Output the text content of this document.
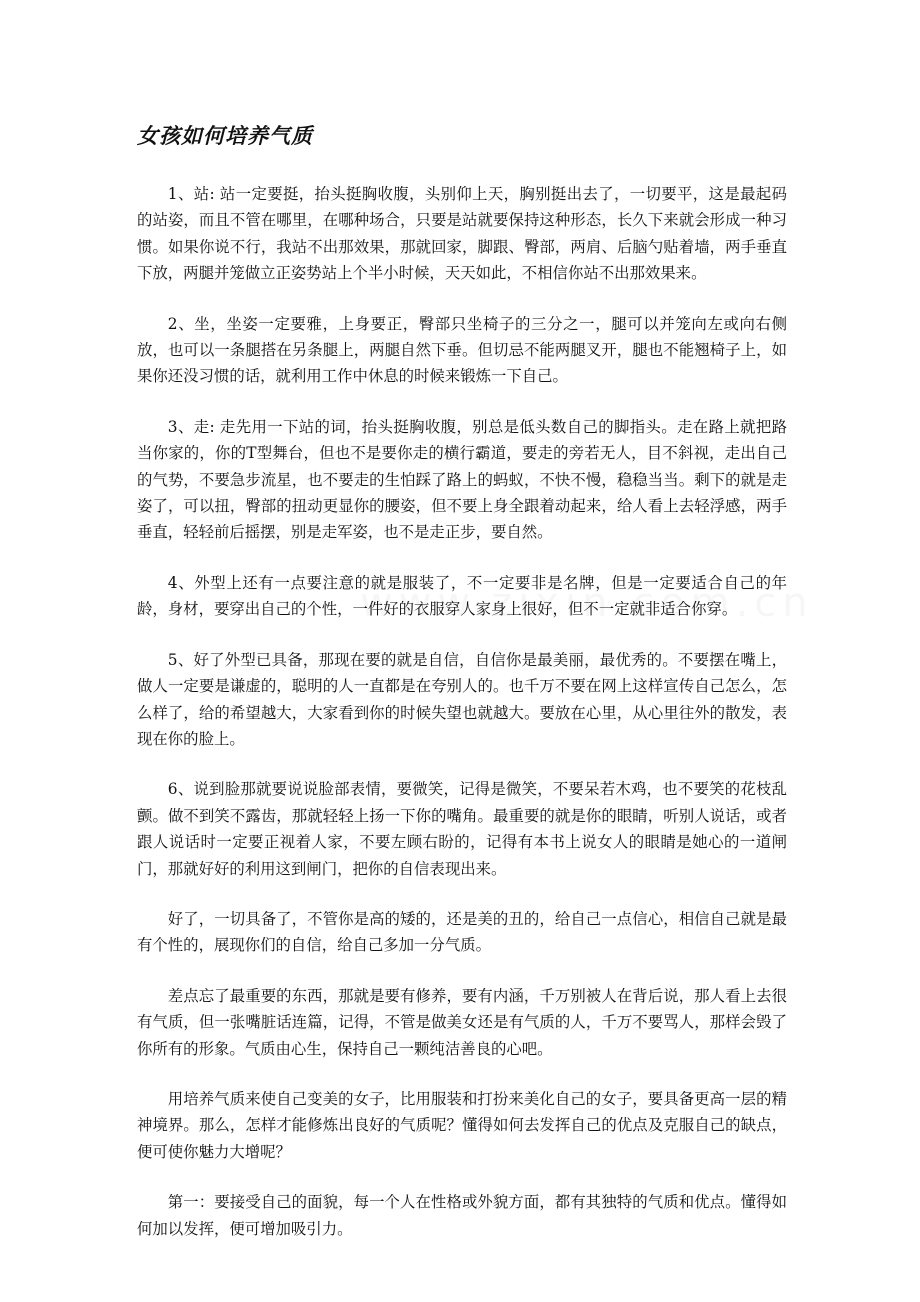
女孩如何培养气质

1、站: 站一定要挺，抬头挺胸收腹，头别仰上天，胸别挺出去了，一切要平，这是最起码的站姿，而且不管在哪里，在哪种场合，只要是站就要保持这种形态，长久下来就会形成一种习惯。如果你说不行，我站不出那效果，那就回家，脚跟、臀部，两肩、后脑勺贴着墙，两手垂直下放，两腿并笼做立正姿势站上个半小时候，天天如此，不相信你站不出那效果来。

2、坐，坐姿一定要雅，上身要正，臀部只坐椅子的三分之一，腿可以并笼向左或向右侧放，也可以一条腿搭在另条腿上，两腿自然下垂。但切忌不能两腿叉开，腿也不能翘椅子上，如果你还没习惯的话，就利用工作中休息的时候来锻炼一下自己。

3、走: 走先用一下站的词，抬头挺胸收腹，别总是低头数自己的脚指头。走在路上就把路当你家的，你的T型舞台，但也不是要你走的横行霸道，要走的旁若无人，目不斜视，走出自己的气势，不要急步流星，也不要走的生怕踩了路上的蚂蚁，不快不慢，稳稳当当。剩下的就是走姿了，可以扭，臀部的扭动更显你的腰姿，但不要上身全跟着动起来，给人看上去轻浮感，两手垂直，轻轻前后摇摆，别是走军姿，也不是走正步，要自然。

4、外型上还有一点要注意的就是服装了，不一定要非是名牌，但是一定要适合自己的年龄，身材，要穿出自己的个性，一件好的衣服穿人家身上很好，但不一定就非适合你穿。

5、好了外型已具备，那现在要的就是自信，自信你是最美丽，最优秀的。不要摆在嘴上，做人一定要是谦虚的，聪明的人一直都是在夸别人的。也千万不要在网上这样宣传自己怎么，怎么样了，给的希望越大，大家看到你的时候失望也就越大。要放在心里，从心里往外的散发，表现在你的脸上。

6、说到脸那就要说说脸部表情，要微笑，记得是微笑，不要呆若木鸡，也不要笑的花枝乱颤。做不到笑不露齿，那就轻轻上扬一下你的嘴角。最重要的就是你的眼睛，听别人说话，或者跟人说话时一定要正视着人家，不要左顾右盼的，记得有本书上说女人的眼睛是她心的一道闸门，那就好好的利用这到闸门，把你的自信表现出来。

好了，一切具备了，不管你是高的矮的，还是美的丑的，给自己一点信心，相信自己就是最有个性的，展现你们的自信，给自己多加一分气质。

差点忘了最重要的东西，那就是要有修养，要有内涵，千万别被人在背后说，那人看上去很有气质，但一张嘴脏话连篇，记得，不管是做美女还是有气质的人，千万不要骂人，那样会毁了你所有的形象。气质由心生，保持自己一颗纯洁善良的心吧。

用培养气质来使自己变美的女子，比用服装和打扮来美化自己的女子，要具备更高一层的精神境界。那么，怎样才能修炼出良好的气质呢？懂得如何去发挥自己的优点及克服自己的缺点，便可使你魅力大增呢？

第一：要接受自己的面貌，每一个人在性格或外貌方面，都有其独特的气质和优点。懂得如何加以发挥，便可增加吸引力。
